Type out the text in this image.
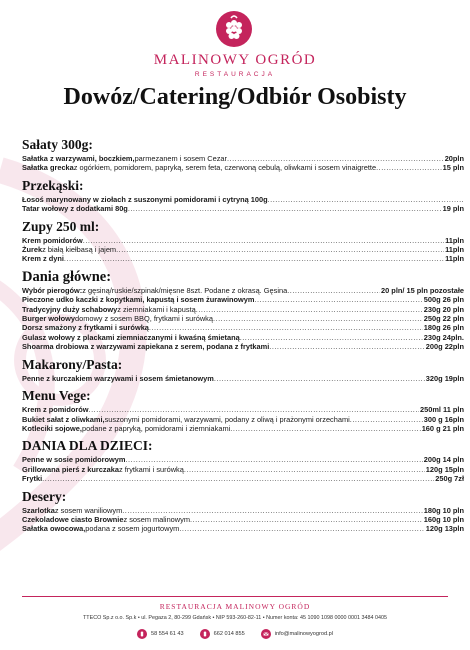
MALINOWY OGRÓD
RESTAURACJA
Dowóz/Catering/Odbiór Osobisty
Sałaty 300g:
Sałatka z warzywami, boczkiem, parmezanem i sosem Cezar .....	20pln
Sałatka grecka z ogórkiem, pomidorem, papryką, serem feta, czerwoną cebulą, oliwkami i sosem vinaigrette .....	15 pln
Przekąski:
Łosoś marynowany w ziołach z suszonymi pomidorami i cytryną 100g
.....
Tatar wołowy z dodatkami 80g .....	19 pln
Zupy 250 ml:
Krem pomidorów .....	11pln
Żurek z białą kiełbasą i jajem .....	11pln
Krem z dyni .....	11pln
Dania główne:
Wybór pierogów: z gęsiną/ruskie/szpinak/mięsne 8szt. Podane z okrasą. Gęsina .....	20 pln/ 15 pln pozostałe
Pieczone udko kaczki z kopytkami, kapustą i sosem żurawinowym .....	500g 26 pln
Tradycyjny duży schabowy z ziemniakami i kapustą .....	230g 20 pln
Burger wołowy domowy z sosem BBQ, frytkami i surówką .....	250g 22 pln
Dorsz smażony z frytkami i surówką .....	180g 26 pln
Gulasz wołowy z plackami ziemniaczanymi i kwaśną śmietaną .....	230g 24pln.
Shoarma drobiowa z warzywami zapiekana z serem, podana z frytkami .....	200g 22pln
Makarony/Pasta:
Penne z kurczakiem warzywami i sosem śmietanowym .....	320g 19pln
Menu Vege:
Krem z pomidorów .....	250ml 11 pln
Bukiet sałat z oliwkami, suszonymi pomidorami, warzywami, podany z oliwą i prażonymi orzechami .....	300 g 16pln
Kotleciki sojowe, podane z papryką, pomidorami i ziemniakami .....	160 g 21 pln
DANIA DLA DZIECI:
Penne w sosie pomidorowym .....	200g 14 pln
Grillowana pierś z kurczaka z frytkami i surówką .....	120g 15pln
Frytki .....	250g 7zł
Desery:
Szarlotka z sosem waniliowym .....	180g 10 pln
Czekoladowe ciasto Brownie z sosem malinowym .....	160g 10 pln
Sałatka owocowa, podana z sosem jogurtowym .....	120g 13pln
RESTAURACJA MALINOWY OGRÓD
TTECO Sp.z o.o. Sp.k • ul. Pegaza 2, 80-299 Gdańsk • NIP 593-260-82-11 • Numer konta: 45 1090 1098 0000 0001 3484 0405
58 554 61 43	662 014 855	info@malinowyogrod.pl
